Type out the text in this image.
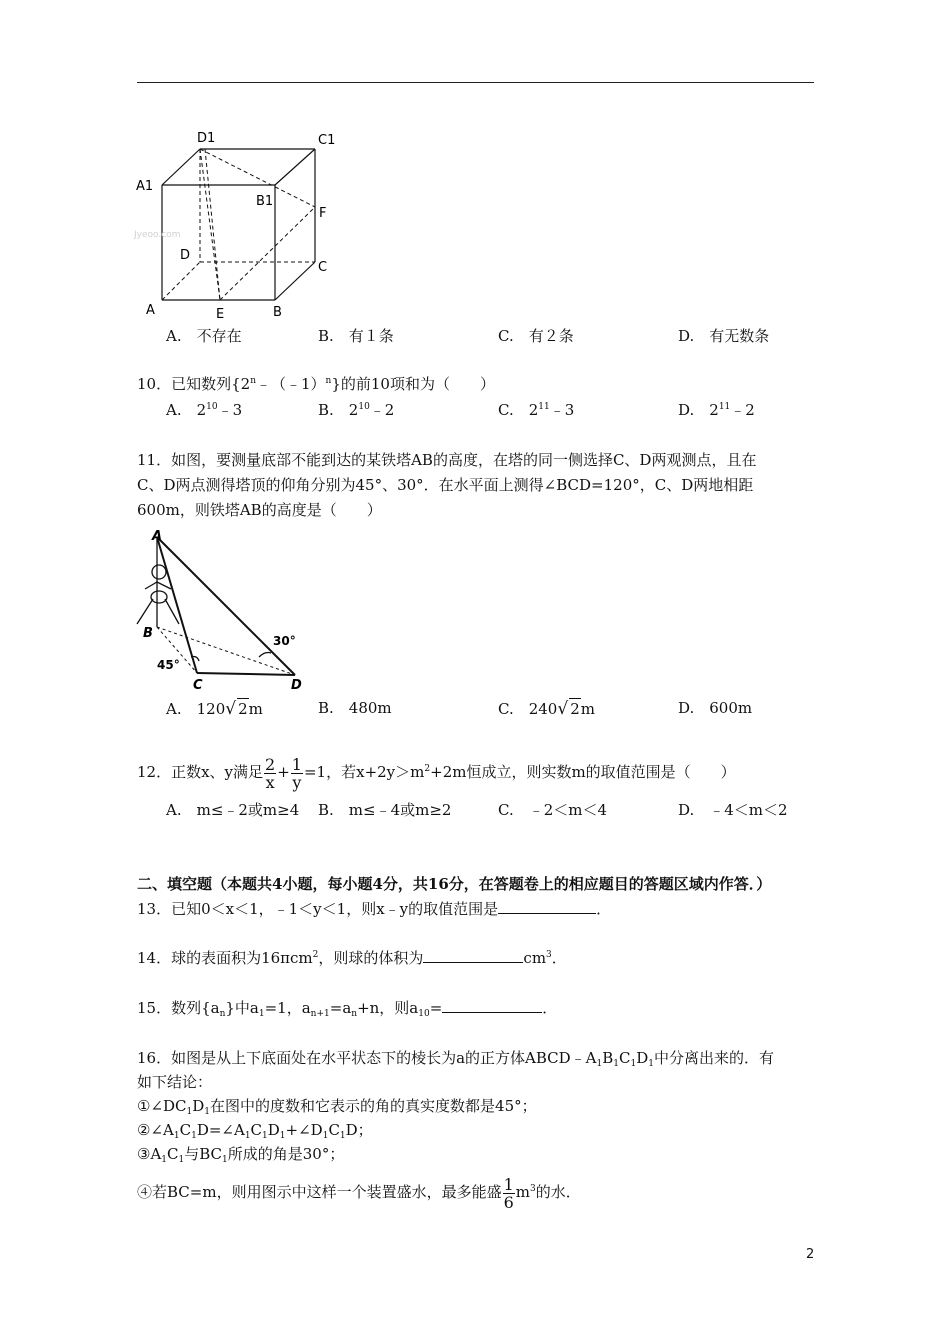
D1	C1
A1
B1
F
D
C
A	E	B
Jyeoo.com
A.　不存在	B.　有１条	C.　有２条	D.　有无数条
10．已知数列{2$^n$﹣（﹣1）$^n$}的前10项和为（　　）
A.　$2^{10}﹣3$	B.　$2^{10}﹣2$	C.　$2^{11}﹣3$	D.　$2^{11}﹣2$
11．如图，要测量底部不能到达的某铁塔AB的高度，在塔的同一侧选择C、D两观测点，且在
C、D两点测得塔顶的仰角分别为45°、30°．在水平面上测得∠BCD=120°，C、D两地相距
600m，则铁塔AB的高度是（　　）
A
B
C	D
30°
45°
A.　120√ 2m	B.　480m	C.　240√ 2m	D.　600m
12．正数x、y满足 $\frac{2}{x} + \frac{1}{y} =1$，若$x+2y>m^2+2m$恒成立，则实数m的取值范围是（　　）
A.　m≤﹣2或m≥4 B.　m≤﹣4或m≥2	C.　﹣2＜m＜4	D.　﹣4＜m＜2
二、填空题（本题共4小题，每小题4分，共16分，在答题卷上的相应题目的答题区域内作答．）
13．已知0＜x＜1，﹣1＜y＜1，则x﹣y的取值范围是	．
14．球的表面积为16πcm$^2$，则球的体积为	$cm^3$．
15．数列$\{a_n\}$中$a_1=1$，$a_{n+1}=a_n+n$，则$a_{10}=$	．
16．如图是从上下底面处在水平状态下的棱长为a的正方体$ABCD﹣A_1B_1C_1D_1$中分离出来的．有
如下结论：
$①\angle DC_1D_1$在图中的度数和它表示的角的真实度数都是45°；
$②\angle A_1C_1D=\angle A_1C_1D_1+\angle D_1C_1D$；
$③A_1C_1$与$BC_1$所成的角是30°；
④若BC=m，则用图示中这样一个装置盛水，最多能盛 $\frac{1}{6} m^3$的水．
2
